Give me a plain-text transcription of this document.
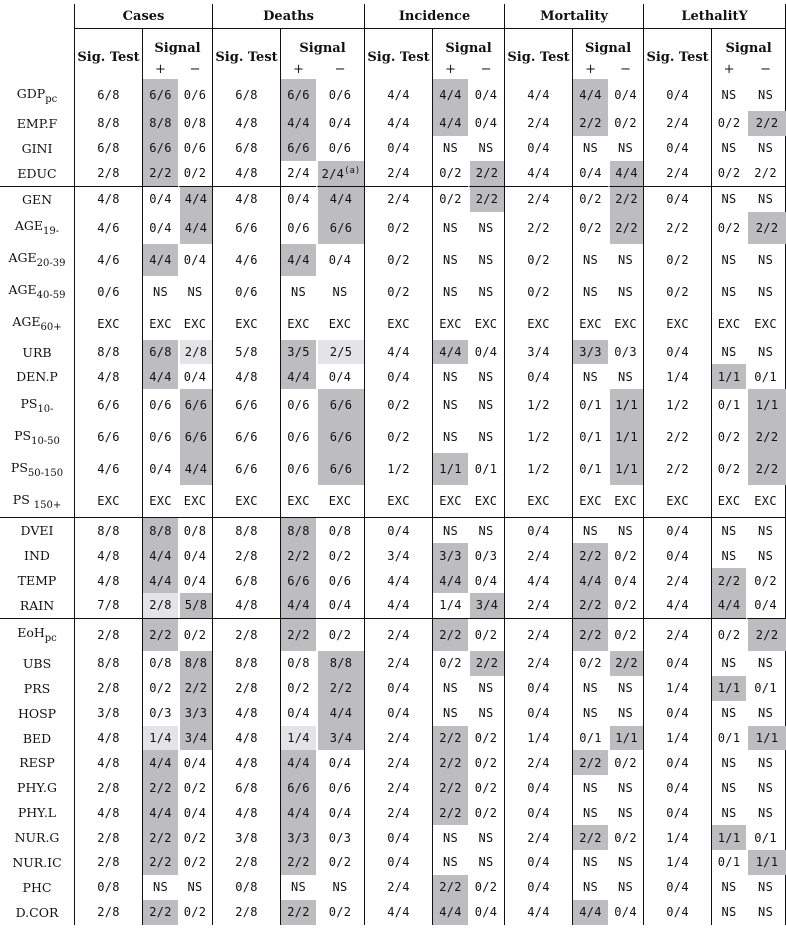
	Cases			Deaths			Incidence			Mortality			LethalitY		
	Sig. Test	Signal		Sig. Test	Signal		Sig. Test	Signal		Sig. Test	Signal		Sig. Test	Signal	
		+	−		+	−		+	−		+	−		+	−
$GDP_{pc}$	6/8	6/6	0/6	6/8	6/6	0/6	4/4	4/4	0/4	4/4	4/4	0/4	0/4	NS	NS
EMP.F	8/8	8/8	0/8	4/8	4/4	0/4	4/4	4/4	0/4	2/4	2/2	0/2	2/4	0/2	2/2
GINI	6/8	6/6	0/6	6/8	6/6	0/6	0/4	NS	NS	0/4	NS	NS	0/4	NS	NS
EDUC	2/8	2/2	0/2	4/8	2/4	2/4$^{(a)}$	2/4	0/2	2/2	4/4	0/4	4/4	2/4	0/2	2/2
GEN	4/8	0/4	4/4	4/8	0/4	4/4	2/4	0/2	2/2	2/4	0/2	2/2	0/4	NS	NS
$AGE_{19-}$	4/6	0/4	4/4	6/6	0/6	6/6	0/2	NS	NS	2/2	0/2	2/2	2/2	0/2	2/2
$AGE_{20-39}$	4/6	4/4	0/4	4/6	4/4	0/4	0/2	NS	NS	0/2	NS	NS	0/2	NS	NS
$AGE_{40-59}$	0/6	NS	NS	0/6	NS	NS	0/2	NS	NS	0/2	NS	NS	0/2	NS	NS
$AGE_{60+}$	EXC	EXC	EXC	EXC	EXC	EXC	EXC	EXC	EXC	EXC	EXC	EXC	EXC	EXC	EXC
URB	8/8	6/8	2/8	5/8	3/5	2/5	4/4	4/4	0/4	3/4	3/3	0/3	0/4	NS	NS
DEN.P	4/8	4/4	0/4	4/8	4/4	0/4	0/4	NS	NS	0/4	NS	NS	1/4	1/1	0/1
$PS_{10-}$	6/6	0/6	6/6	6/6	0/6	6/6	0/2	NS	NS	1/2	0/1	1/1	1/2	0/1	1/1
$PS_{10-50}$	6/6	0/6	6/6	6/6	0/6	6/6	0/2	NS	NS	1/2	0/1	1/1	2/2	0/2	2/2
$PS_{50-150}$	4/6	0/4	4/4	6/6	0/6	6/6	1/2	1/1	0/1	1/2	0/1	1/1	2/2	0/2	2/2
PS $_{150+}$	EXC	EXC	EXC	EXC	EXC	EXC	EXC	EXC	EXC	EXC	EXC	EXC	EXC	EXC	EXC
DVEI	8/8	8/8	0/8	8/8	8/8	0/8	0/4	NS	NS	0/4	NS	NS	0/4	NS	NS
IND	4/8	4/4	0/4	2/8	2/2	0/2	3/4	3/3	0/3	2/4	2/2	0/2	0/4	NS	NS
TEMP	4/8	4/4	0/4	6/8	6/6	0/6	4/4	4/4	0/4	4/4	4/4	0/4	2/4	2/2	0/2
RAIN	7/8	2/8	5/8	4/8	4/4	0/4	4/4	1/4	3/4	2/4	2/2	0/2	4/4	4/4	0/4
EoH$_{pc}$	2/8	2/2	0/2	2/8	2/2	0/2	2/4	2/2	0/2	2/4	2/2	0/2	2/4	0/2	2/2
UBS	8/8	0/8	8/8	8/8	0/8	8/8	2/4	0/2	2/2	2/4	0/2	2/2	0/4	NS	NS
PRS	2/8	0/2	2/2	2/8	0/2	2/2	0/4	NS	NS	0/4	NS	NS	1/4	1/1	0/1
HOSP	3/8	0/3	3/3	4/8	0/4	4/4	0/4	NS	NS	0/4	NS	NS	0/4	NS	NS
BED	4/8	1/4	3/4	4/8	1/4	3/4	2/4	2/2	0/2	1/4	0/1	1/1	1/4	0/1	1/1
RESP	4/8	4/4	0/4	4/8	4/4	0/4	2/4	2/2	0/2	2/4	2/2	0/2	0/4	NS	NS
PHY.G	2/8	2/2	0/2	6/8	6/6	0/6	2/4	2/2	0/2	0/4	NS	NS	0/4	NS	NS
PHY.L	4/8	4/4	0/4	4/8	4/4	0/4	2/4	2/2	0/2	0/4	NS	NS	0/4	NS	NS
NUR.G	2/8	2/2	0/2	3/8	3/3	0/3	0/4	NS	NS	2/4	2/2	0/2	1/4	1/1	0/1
NUR.IC	2/8	2/2	0/2	2/8	2/2	0/2	0/4	NS	NS	0/4	NS	NS	1/4	0/1	1/1
PHC	0/8	NS	NS	0/8	NS	NS	2/4	2/2	0/2	0/4	NS	NS	0/4	NS	NS
D.COR	2/8	2/2	0/2	2/8	2/2	0/2	4/4	4/4	0/4	4/4	4/4	0/4	0/4	NS	NS
